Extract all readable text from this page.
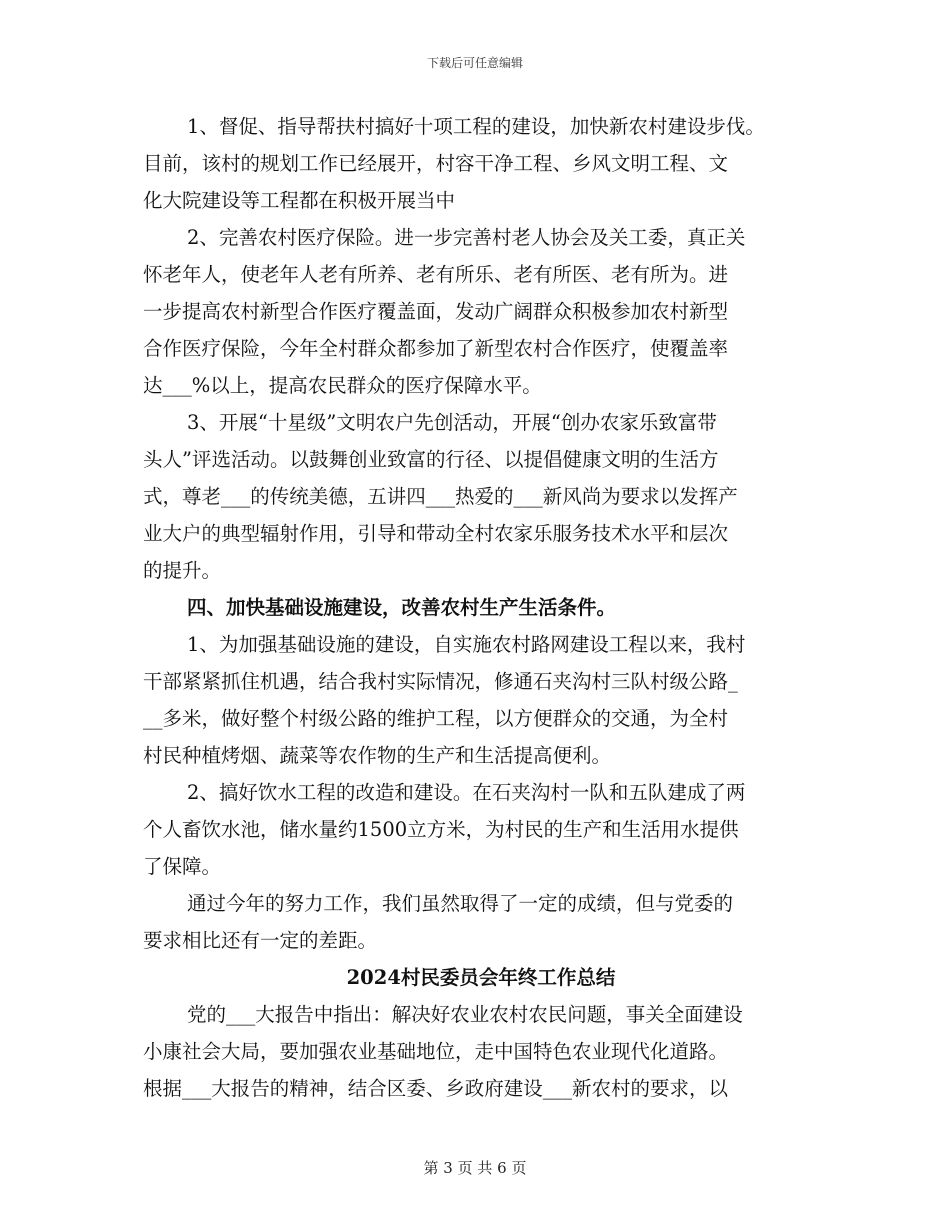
下载后可任意编辑
1、督促、指导帮扶村搞好十项工程的建设，加快新农村建设步伐。
目前，该村的规划工作已经展开，村容干净工程、乡风文明工程、文
化大院建设等工程都在积极开展当中
2、完善农村医疗保险。进一步完善村老人协会及关工委，真正关
怀老年人，使老年人老有所养、老有所乐、老有所医、老有所为。进
一步提高农村新型合作医疗覆盖面，发动广阔群众积极参加农村新型
合作医疗保险，今年全村群众都参加了新型农村合作医疗，使覆盖率
达___%以上，提高农民群众的医疗保障水平。
3、开展“十星级”文明农户先创活动，开展“创办农家乐致富带
头人”评选活动。以鼓舞创业致富的行径、以提倡健康文明的生活方
式，尊老___的传统美德，五讲四___热爱的___新风尚为要求以发挥产
业大户的典型辐射作用，引导和带动全村农家乐服务技术水平和层次
的提升。
四、加快基础设施建设，改善农村生产生活条件。
1、为加强基础设施的建设，自实施农村路网建设工程以来，我村
干部紧紧抓住机遇，结合我村实际情况，修通石夹沟村三队村级公路_
__多米，做好整个村级公路的维护工程，以方便群众的交通，为全村
村民种植烤烟、蔬菜等农作物的生产和生活提高便利。
2、搞好饮水工程的改造和建设。在石夹沟村一队和五队建成了两
个人畜饮水池，储水量约1500立方米，为村民的生产和生活用水提供
了保障。
通过今年的努力工作，我们虽然取得了一定的成绩，但与党委的
要求相比还有一定的差距。
2024村民委员会年终工作总结
党的___大报告中指出：解决好农业农村农民问题，事关全面建设
小康社会大局，要加强农业基础地位，走中国特色农业现代化道路。
根据___大报告的精神，结合区委、乡政府建设___新农村的要求，以
第 3 页 共 6 页
